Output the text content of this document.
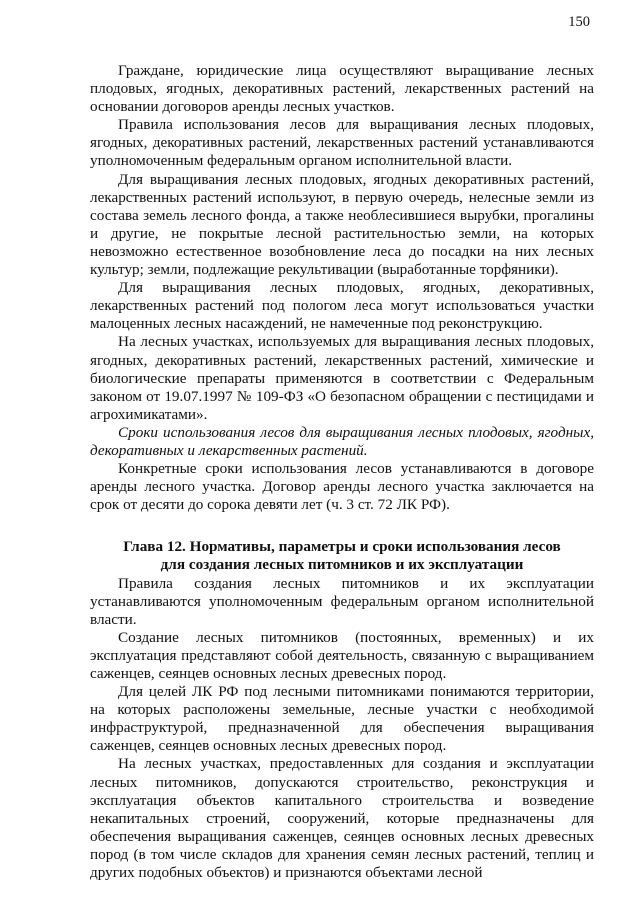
150

Граждане, юридические лица осуществляют выращивание лесных плодовых, ягодных, декоративных растений, лекарственных растений на основании договоров аренды лесных участков.

Правила использования лесов для выращивания лесных плодовых, ягодных, декоративных растений, лекарственных растений устанавливаются уполномоченным федеральным органом исполнительной власти.

Для выращивания лесных плодовых, ягодных декоративных растений, лекарственных растений используют, в первую очередь, нелесные земли из состава земель лесного фонда, а также необлесившиеся вырубки, прогалины и другие, не покрытые лесной растительностью земли, на которых невозможно естественное возобновление леса до посадки на них лесных культур; земли, подлежащие рекультивации (выработанные торфяники).

Для выращивания лесных плодовых, ягодных, декоративных, лекарственных растений под пологом леса могут использоваться участки малоценных лесных насаждений, не намеченные под реконструкцию.

На лесных участках, используемых для выращивания лесных плодовых, ягодных, декоративных растений, лекарственных растений, химические и биологические препараты применяются в соответствии с Федеральным законом от 19.07.1997 № 109-ФЗ «О безопасном обращении с пестицидами и агрохимикатами».

Сроки использования лесов для выращивания лесных плодовых, ягодных, декоративных и лекарственных растений.

Конкретные сроки использования лесов устанавливаются в договоре аренды лесного участка. Договор аренды лесного участка заключается на срок от десяти до сорока девяти лет (ч. 3 ст. 72 ЛК РФ).

Глава 12. Нормативы, параметры и сроки использования лесов
для создания лесных питомников и их эксплуатации

Правила создания лесных питомников и их эксплуатации устанавливаются уполномоченным федеральным органом исполнительной власти.

Создание лесных питомников (постоянных, временных) и их эксплуатация представляют собой деятельность, связанную с выращиванием саженцев, сеянцев основных лесных древесных пород.

Для целей ЛК РФ под лесными питомниками понимаются территории, на которых расположены земельные, лесные участки с необходимой инфраструктурой, предназначенной для обеспечения выращивания саженцев, сеянцев основных лесных древесных пород.

На лесных участках, предоставленных для создания и эксплуатации лесных питомников, допускаются строительство, реконструкция и эксплуатация объектов капитального строительства и возведение некапитальных строений, сооружений, которые предназначены для обеспечения выращивания саженцев, сеянцев основных лесных древесных пород (в том числе складов для хранения семян лесных растений, теплиц и других подобных объектов) и признаются объектами лесной
